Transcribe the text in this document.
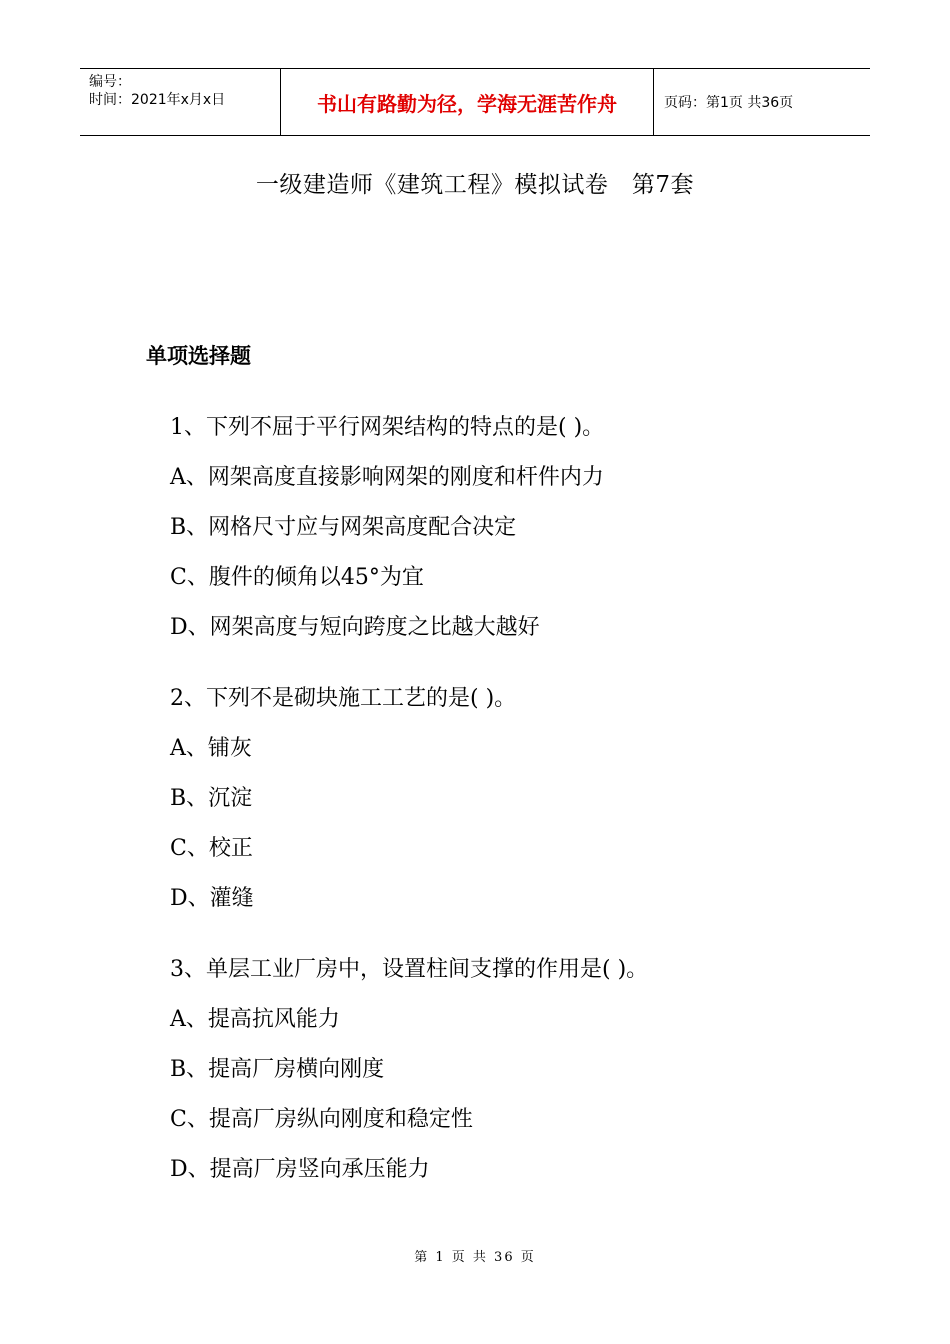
编号：
时间：2021年x月x日	书山有路勤为径，学海无涯苦作舟	页码：第1页 共36页
一级建造师《建筑工程》模拟试卷　第7套
单项选择题
1、下列不屈于平行网架结构的特点的是( )。
A、网架高度直接影响网架的刚度和杆件内力
B、网格尺寸应与网架高度配合决定
C、腹件的倾角以45°为宜
D、网架高度与短向跨度之比越大越好
2、下列不是砌块施工工艺的是( )。
A、铺灰
B、沉淀
C、校正
D、灌缝
3、单层工业厂房中，设置柱间支撑的作用是( )。
A、提高抗风能力
B、提高厂房横向刚度
C、提高厂房纵向刚度和稳定性
D、提高厂房竖向承压能力
第 1 页 共 36 页
